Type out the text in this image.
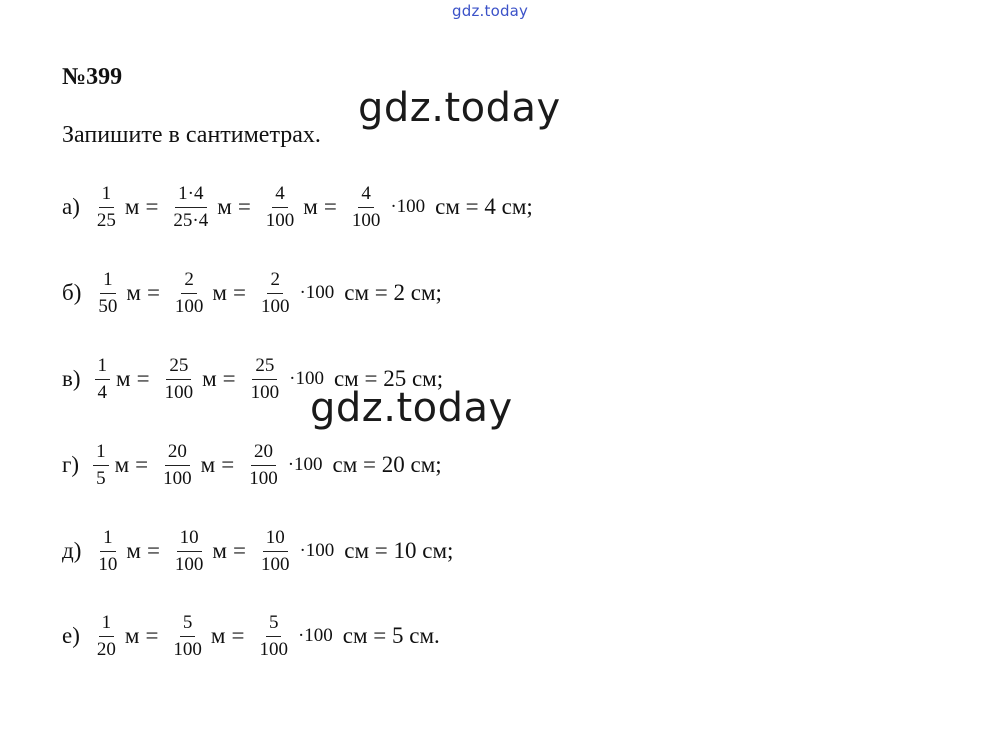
gdz.today
gdz.today
№399
Запишите в сантиметрах.
$а) \frac{1}{25}$ $м = \frac{1\cdot 4}{25\cdot 4}$ $м = \frac{4}{100}$ $м = \frac{4}{100} \cdot 100$ см = 4 см;
$б) \frac{1}{50}$ $м = \frac{2}{100}$ $м = \frac{2}{100} \cdot 100$ см = 2 см;
$в) \frac{1}{4}$ $м = \frac{25}{100}$ $м = \frac{25}{100} \cdot 100$ см = 25 см;
$г) \frac{1}{5}$ $м = \frac{20}{100}$ $м = \frac{20}{100} \cdot 100$ см = 20 см;
$д) \frac{1}{10}$ $м = \frac{10}{100}$ $м = \frac{10}{100} \cdot 100$ см = 10 см;
$е) \frac{1}{20}$ $м = \frac{5}{100}$ $м = \frac{5}{100} \cdot 100$ см = 5 см.
gdz.today
